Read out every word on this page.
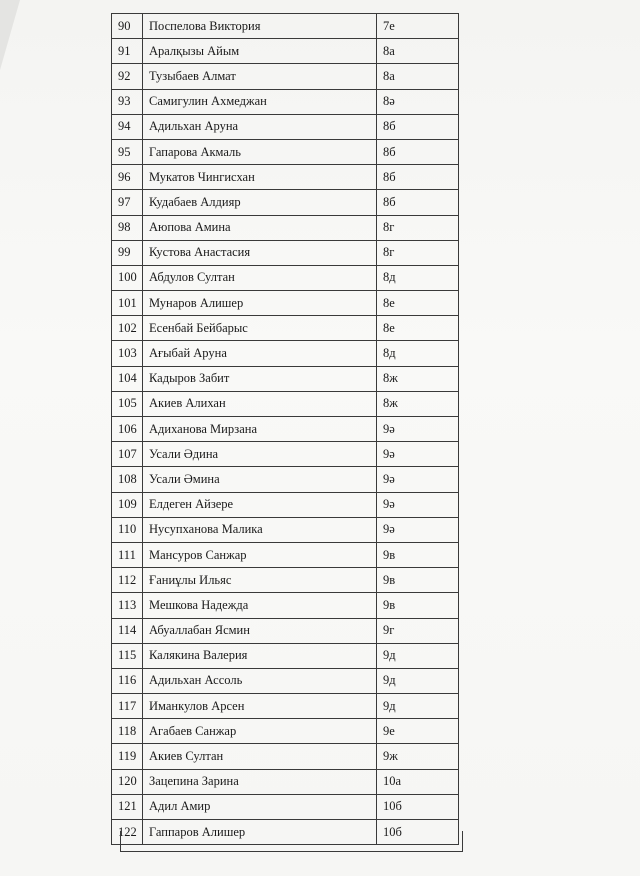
90	Поспелова Виктория	7е
91	Аралқызы Айым	8а
92	Тузыбаев Алмат	8а
93	Самигулин Ахмеджан	8ә
94	Адильхан Аруна	8б
95	Гапарова Акмаль	8б
96	Мукатов Чингисхан	8б
97	Кудабаев Алдияр	8б
98	Аюпова Амина	8г
99	Кустова Анастасия	8г
100	Абдулов Султан	8д
101	Мунаров Алишер	8е
102	Есенбай Бейбарыс	8е
103	Ағыбай Аруна	8д
104	Кадыров Забит	8ж
105	Акиев Алихан	8ж
106	Адиханова Мирзана	9ә
107	Усали Әдина	9ә
108	Усали Әмина	9ә
109	Елдеген Айзере	9ә
110	Нусупханова Малика	9ә
111	Мансуров Санжар	9в
112	Ғаниұлы Ильяс	9в
113	Мешкова Надежда	9в
114	Абуаллабан Ясмин	9г
115	Калякина Валерия	9д
116	Адильхан Ассоль	9д
117	Иманкулов Арсен	9д
118	Агабаев Санжар	9е
119	Акиев Султан	9ж
120	Зацепина Зарина	10а
121	Адил Амир	10б
122	Гаппаров Алишер	10б
